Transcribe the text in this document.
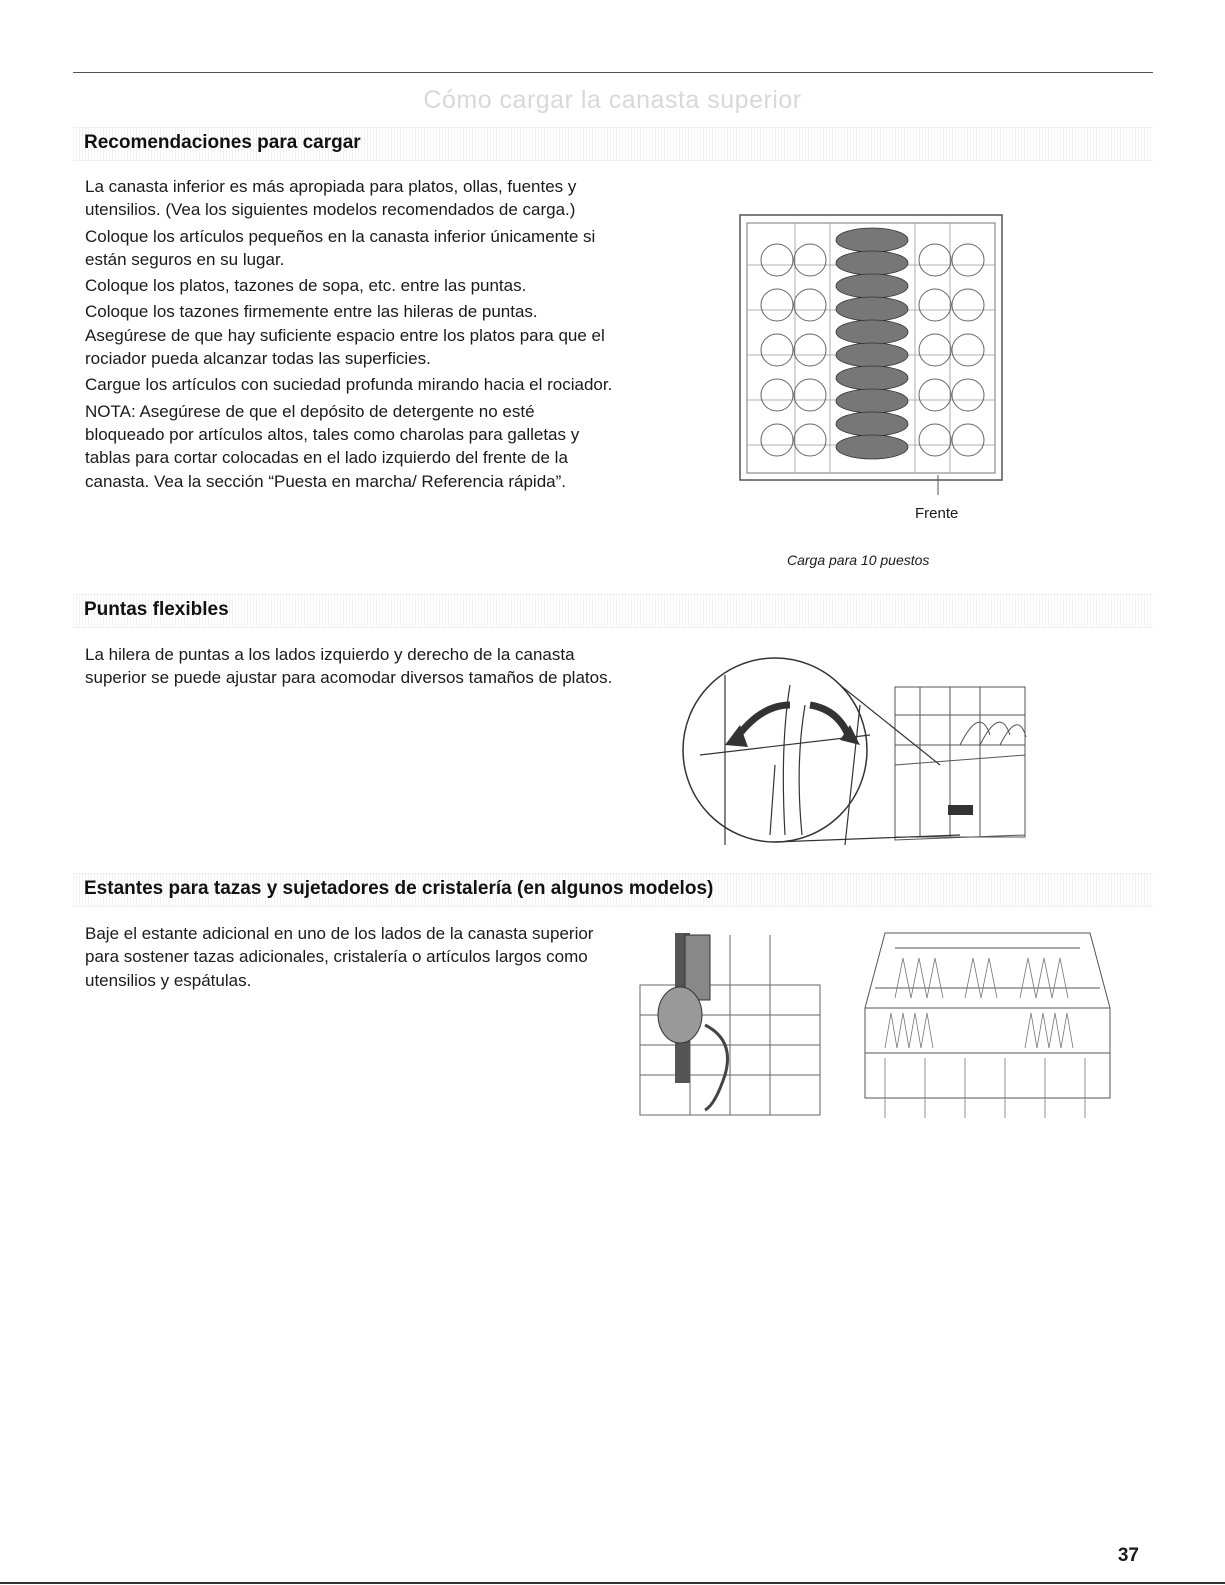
Cómo cargar la canasta superior
Recomendaciones para cargar

La canasta inferior es más apropiada para platos, ollas, fuentes y utensilios. (Vea los siguientes modelos recomendados de carga.)

Coloque los artículos pequeños en la canasta inferior únicamente si están seguros en su lugar.

Coloque los platos, tazones de sopa, etc. entre las puntas.

Coloque los tazones firmemente entre las hileras de puntas. Asegúrese de que hay suficiente espacio entre los platos para que el rociador pueda alcanzar todas las superficies.

Cargue los artículos con suciedad profunda mirando hacia el rociador.

NOTA: Asegúrese de que el depósito de detergente no esté bloqueado por artículos altos, tales como charolas para galletas y tablas para cortar colocadas en el lado izquierdo del frente de la canasta. Vea la sección “Puesta en marcha/ Referencia rápida”.

Frente
Carga para 10 puestos
Puntas flexibles

La hilera de puntas a los lados izquierdo y derecho de la canasta superior se puede ajustar para acomodar diversos tamaños de platos.

Estantes para tazas y sujetadores de cristalería (en algunos modelos)

Baje el estante adicional en uno de los lados de la canasta superior para sostener tazas adicionales, cristalería o artículos largos como utensilios y espátulas.

37
